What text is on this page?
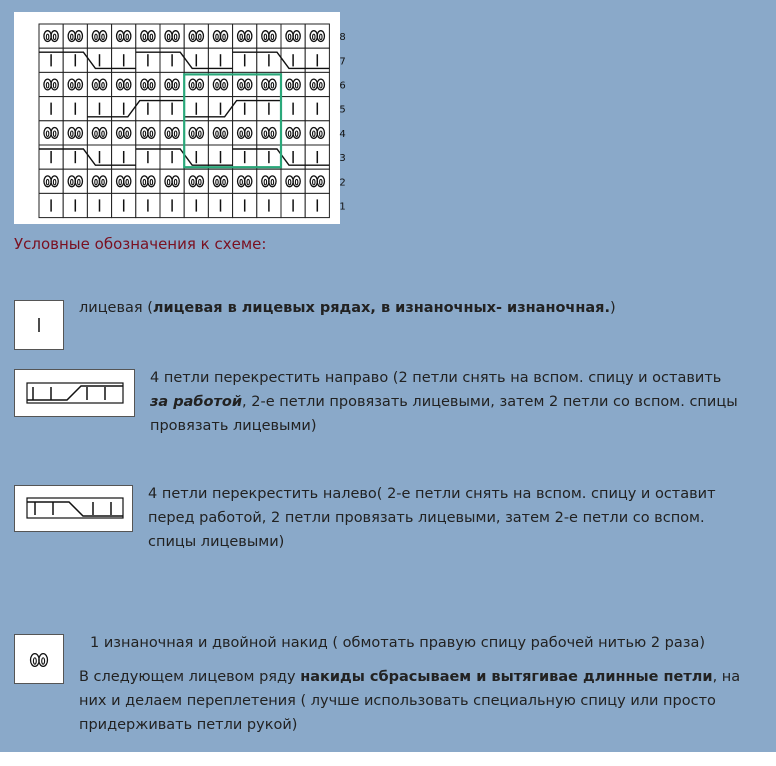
8
7
6
5
4
3
2
1
Условные обозначения к схеме:
лицевая (лицевая в лицевых рядах, в изнаночных- изнаночная.)
4 петли перекрестить направо (2 петли снять на вспом. спицу и оставить за работой, 2-е петли провязать лицевыми, затем 2 петли со вспом. спицы провязать лицевыми)
4 петли перекрестить налево( 2-е петли снять на вспом. спицу и оставит перед работой, 2 петли провязать лицевыми, затем 2-е петли со вспом. спицы лицевыми)
1 изнаночная и двойной накид ( обмотать правую спицу рабочей нитью 2 раза)
В следующем лицевом ряду накиды сбрасываем и вытягивае длинные петли, на них и делаем переплетения ( лучше использовать специальную спицу или просто придерживать петли рукой)
